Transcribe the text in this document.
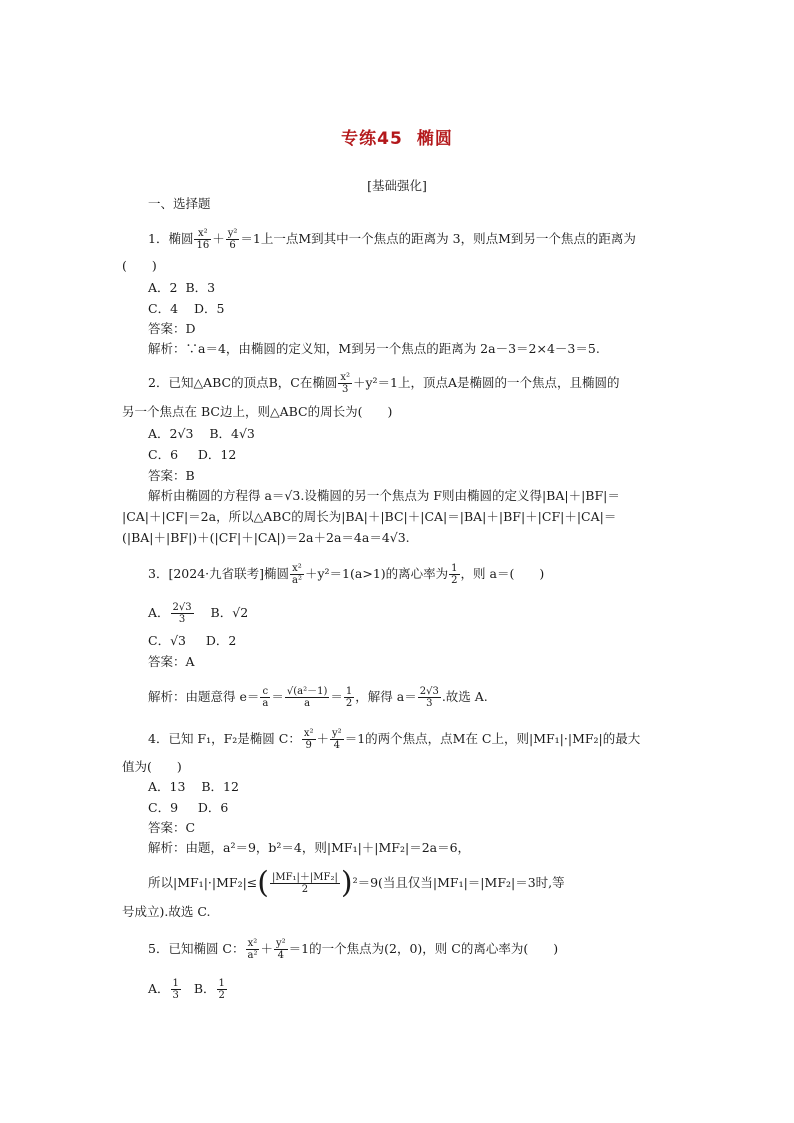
专练45 椭圆
[基础强化]
一、选择题
1．椭圆 $\frac{\text{x²}}{16} + \frac{\text{y²}}{6} =1$上一点M到其中一个焦点的距离为 3，则点M到另一个焦点的距离为
(　　)
A．2 B．3
C．4 D．5
答案：D
解析：∵a＝4，由椭圆的定义知，M到另一个焦点的距离为 2a－3＝2×4－3＝5.
2．已知△ABC的顶点B，C在椭圆 $\frac{\text{x²}}{3} +y^2=1$上，顶点A是椭圆的一个焦点，且椭圆的
另一个焦点在 BC边上，则△ABC的周长为(　　)
A．2√3 B．4√3
C．6 D．12
答案：B
解析由椭圆的方程得 a＝√3.设椭圆的另一个焦点为 F则由椭圆的定义得|BA|＋|BF|＝
|CA|＋|CF|＝2a，所以△ABC的周长为|BA|＋|BC|＋|CA|＝|BA|＋|BF|＋|CF|＋|CA|＝
(|BA|＋|BF|)＋(|CF|＋|CA|)＝2a＋2a＝4a＝4√3.
3．[2024·九省联考]椭圆 $\frac{\text{x²}}{\text{a²}} +y^2=1(a>1)$的离心率为 $\frac{1}{2}$ ，则 a＝(　　)
A． $\frac{2√3}{3}$ B．√2
C．√3 D．2
答案：A
解析：由题意得 $e= \frac{c}{a} = \frac{\text{√(a²－1)}}{a} = \frac{1}{2}$ ，解得 $a= \frac{2√3}{3}$ .故选 A.
4．已知 F₁，F₂是椭圆 C： $\frac{\text{x²}}{9} + \frac{\text{y²}}{4} =1$的两个焦点，点M在 C上，则|MF₁|·|MF₂|的最大
值为(　　)
A．13 B．12
C．9 D．6
答案：C
解析：由题，a²＝9，b²＝4，则|MF₁|＋|MF₂|＝2a＝6，
所以$|MF_1|\cdot|MF_2|\le( \frac{\text{|MF₁|＋|MF₂|}}{2} )^2=9$(当且仅当|MF₁|＝|MF₂|＝3时,等
号成立).故选 C.
5．已知椭圆 C： $\frac{\text{x²}}{\text{a²}} + \frac{\text{y²}}{4} =1$的一个焦点为(2，0)，则 C的离心率为(　　)
A． $\frac{1}{3}$ B． $\frac{1}{2}$
